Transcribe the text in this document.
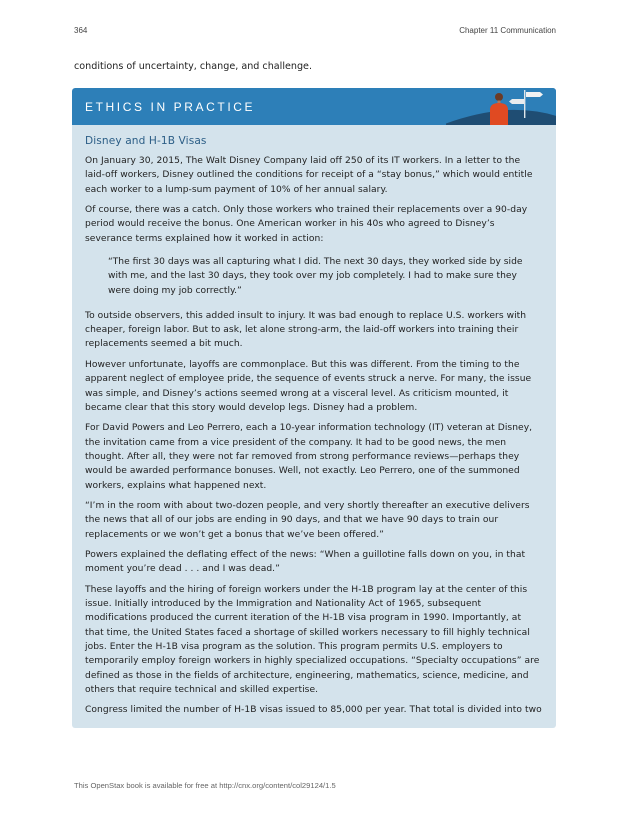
364	Chapter 11 Communication
conditions of uncertainty, change, and challenge.
ETHICS IN PRACTICE
Disney and H-1B Visas

On January 30, 2015, The Walt Disney Company laid off 250 of its IT workers. In a letter to the laid-off workers, Disney outlined the conditions for receipt of a “stay bonus,” which would entitle each worker to a lump-sum payment of 10% of her annual salary.

Of course, there was a catch. Only those workers who trained their replacements over a 90-day period would receive the bonus. One American worker in his 40s who agreed to Disney’s severance terms explained how it worked in action:

“The first 30 days was all capturing what I did. The next 30 days, they worked side by side with me, and the last 30 days, they took over my job completely. I had to make sure they were doing my job correctly.”

To outside observers, this added insult to injury. It was bad enough to replace U.S. workers with cheaper, foreign labor. But to ask, let alone strong-arm, the laid-off workers into training their replacements seemed a bit much.

However unfortunate, layoffs are commonplace. But this was different. From the timing to the apparent neglect of employee pride, the sequence of events struck a nerve. For many, the issue was simple, and Disney’s actions seemed wrong at a visceral level. As criticism mounted, it became clear that this story would develop legs. Disney had a problem.

For David Powers and Leo Perrero, each a 10-year information technology (IT) veteran at Disney, the invitation came from a vice president of the company. It had to be good news, the men thought. After all, they were not far removed from strong performance reviews—perhaps they would be awarded performance bonuses. Well, not exactly. Leo Perrero, one of the summoned workers, explains what happened next.

“I’m in the room with about two-dozen people, and very shortly thereafter an executive delivers the news that all of our jobs are ending in 90 days, and that we have 90 days to train our replacements or we won’t get a bonus that we’ve been offered.”

Powers explained the deflating effect of the news: “When a guillotine falls down on you, in that moment you’re dead . . . and I was dead.”

These layoffs and the hiring of foreign workers under the H-1B program lay at the center of this issue. Initially introduced by the Immigration and Nationality Act of 1965, subsequent modifications produced the current iteration of the H-1B visa program in 1990. Importantly, at that time, the United States faced a shortage of skilled workers necessary to fill highly technical jobs. Enter the H-1B visa program as the solution. This program permits U.S. employers to temporarily employ foreign workers in highly specialized occupations. “Specialty occupations” are defined as those in the fields of architecture, engineering, mathematics, science, medicine, and others that require technical and skilled expertise.

Congress limited the number of H-1B visas issued to 85,000 per year. That total is divided into two

This OpenStax book is available for free at http://cnx.org/content/col29124/1.5
